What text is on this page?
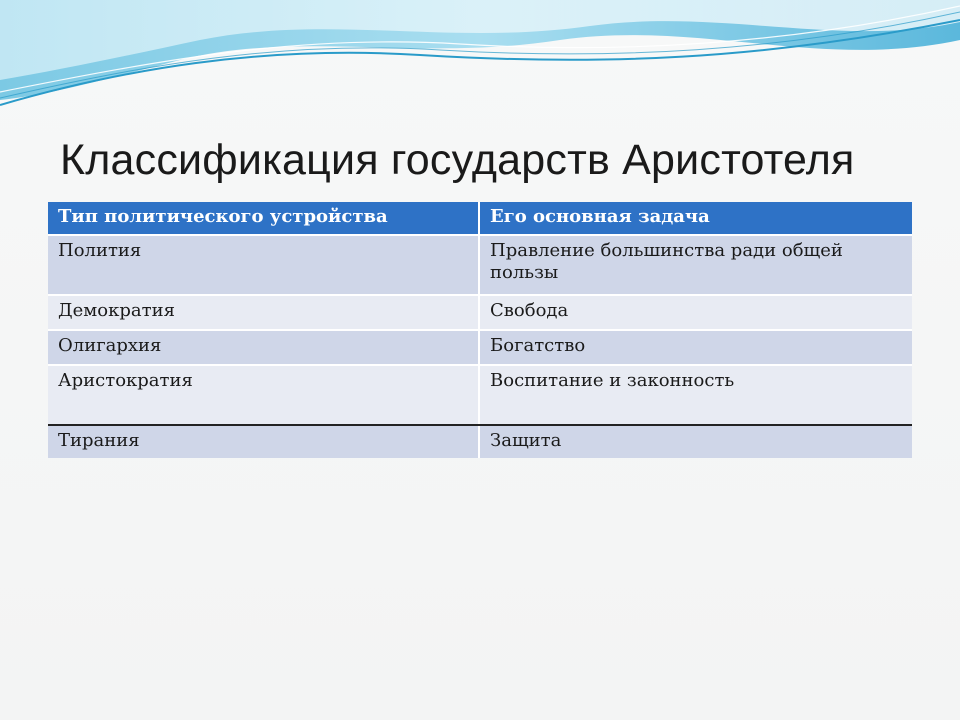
Классификация государств Аристотеля
Тип политического устройства	Его основная задача
Полития	Правление большинства ради общей пользы
Демократия	Свобода
Олигархия	Богатство
Аристократия	Воспитание и законность
Тирания	Защита
